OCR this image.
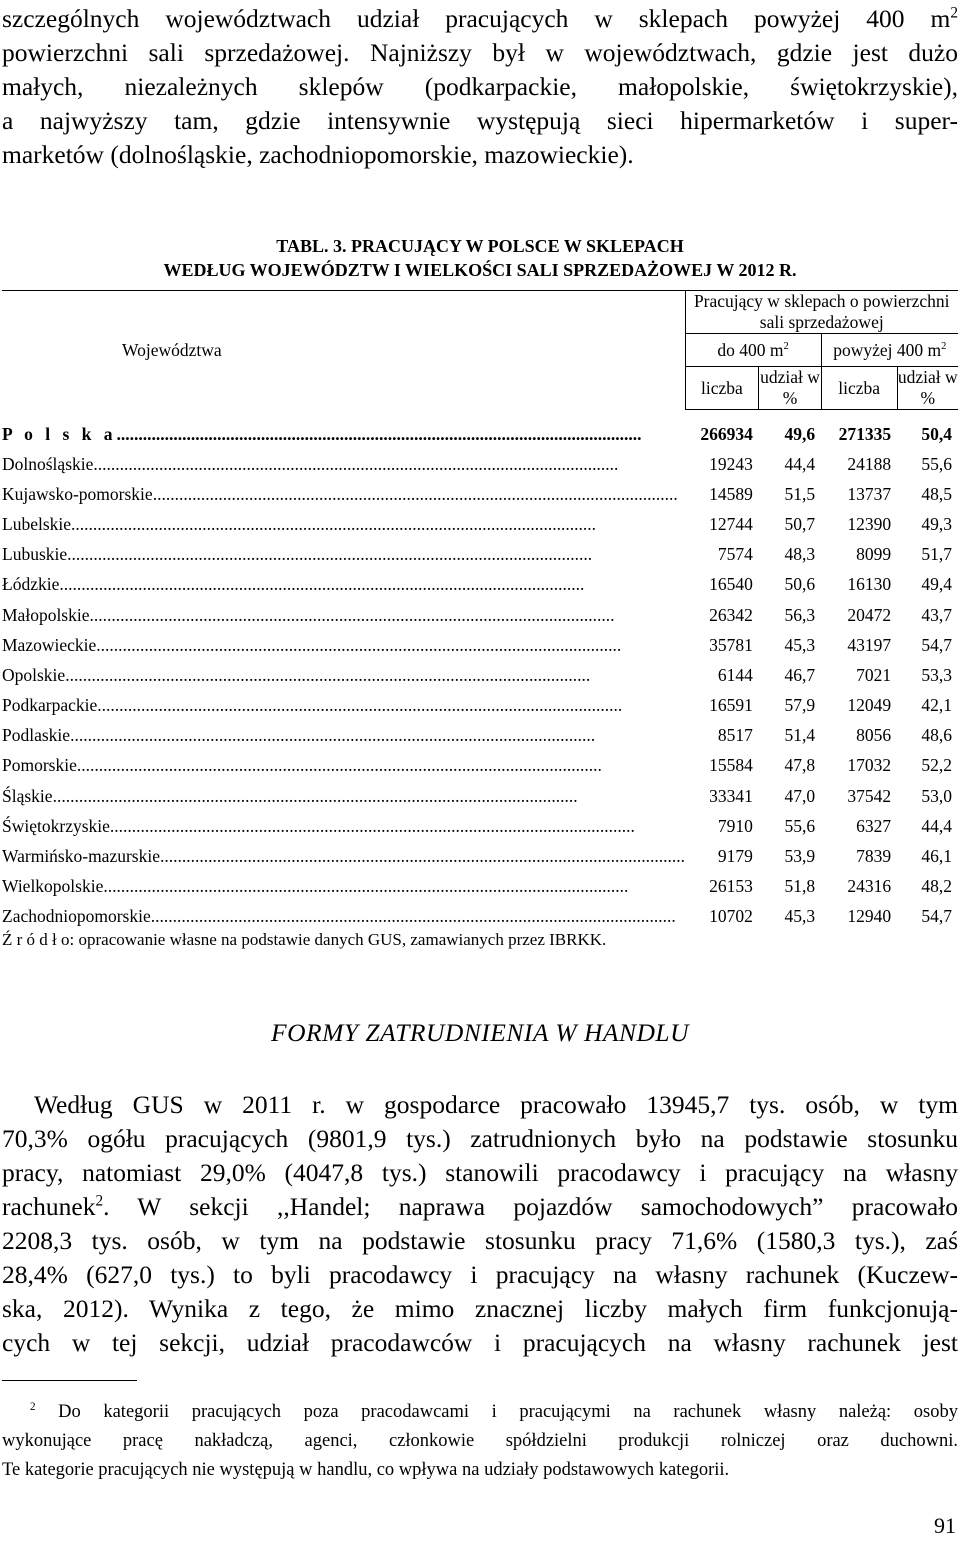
szczególnych województwach udział pracujących w sklepach powyżej 400 $m^2$
powierzchni sali sprzedażowej. Najniższy był w województwach, gdzie jest dużo
małych, niezależnych sklepów (podkarpackie, małopolskie, świętokrzyskie),
a najwyższy tam, gdzie intensywnie występują sieci hipermarketów i super-
marketów (dolnośląskie, zachodniopomorskie, mazowieckie).
TABL. 3. PRACUJĄCY W POLSCE W SKLEPACH
WEDŁUG WOJEWÓDZTW I WIELKOŚCI SALI SPRZEDAŻOWEJ W 2012 R.
Województwa	Pracujący w sklepach o powierzchni sali sprzedażowej			
	do 400 $m^2$		powyżej 400 $m^2$
	liczba	udział w %	liczba	udział w %
P o l s k a........................................................................................................................	266934	49,6	271335	50,4
Dolnośląskie........................................................................................................................	19243	44,4	24188	55,6
Kujawsko-pomorskie........................................................................................................................	14589	51,5	13737	48,5
Lubelskie........................................................................................................................	12744	50,7	12390	49,3
Lubuskie........................................................................................................................	7574	48,3	8099	51,7
Łódzkie........................................................................................................................	16540	50,6	16130	49,4
Małopolskie........................................................................................................................	26342	56,3	20472	43,7
Mazowieckie........................................................................................................................	35781	45,3	43197	54,7
Opolskie........................................................................................................................	6144	46,7	7021	53,3
Podkarpackie........................................................................................................................	16591	57,9	12049	42,1
Podlaskie........................................................................................................................	8517	51,4	8056	48,6
Pomorskie........................................................................................................................	15584	47,8	17032	52,2
Śląskie........................................................................................................................	33341	47,0	37542	53,0
Świętokrzyskie........................................................................................................................	7910	55,6	6327	44,4
Warmińsko-mazurskie........................................................................................................................	9179	53,9	7839	46,1
Wielkopolskie........................................................................................................................	26153	51,8	24316	48,2
Zachodniopomorskie........................................................................................................................	10702	45,3	12940	54,7
Ź r ó d ł o: opracowanie własne na podstawie danych GUS, zamawianych przez IBRKK.
FORMY ZATRUDNIENIA W HANDLU
Według GUS w 2011 r. w gospodarce pracowało 13945,7 tys. osób, w tym
70,3% ogółu pracujących (9801,9 tys.) zatrudnionych było na podstawie stosunku
pracy, natomiast 29,0% (4047,8 tys.) stanowili pracodawcy i pracujący na własny
rachunek$^2$. W sekcji ,,Handel; naprawa pojazdów samochodowych” pracowało
2208,3 tys. osób, w tym na podstawie stosunku pracy 71,6% (1580,3 tys.), zaś
28,4% (627,0 tys.) to byli pracodawcy i pracujący na własny rachunek (Kuczew-
ska, 2012). Wynika z tego, że mimo znacznej liczby małych firm funkcjonują-
cych w tej sekcji, udział pracodawców i pracujących na własny rachunek jest
$^2$ Do kategorii pracujących poza pracodawcami i pracującymi na rachunek własny należą: osoby
wykonujące pracę nakładczą, agenci, członkowie spółdzielni produkcji rolniczej oraz duchowni.
Te kategorie pracujących nie występują w handlu, co wpływa na udziały podstawowych kategorii.
91
